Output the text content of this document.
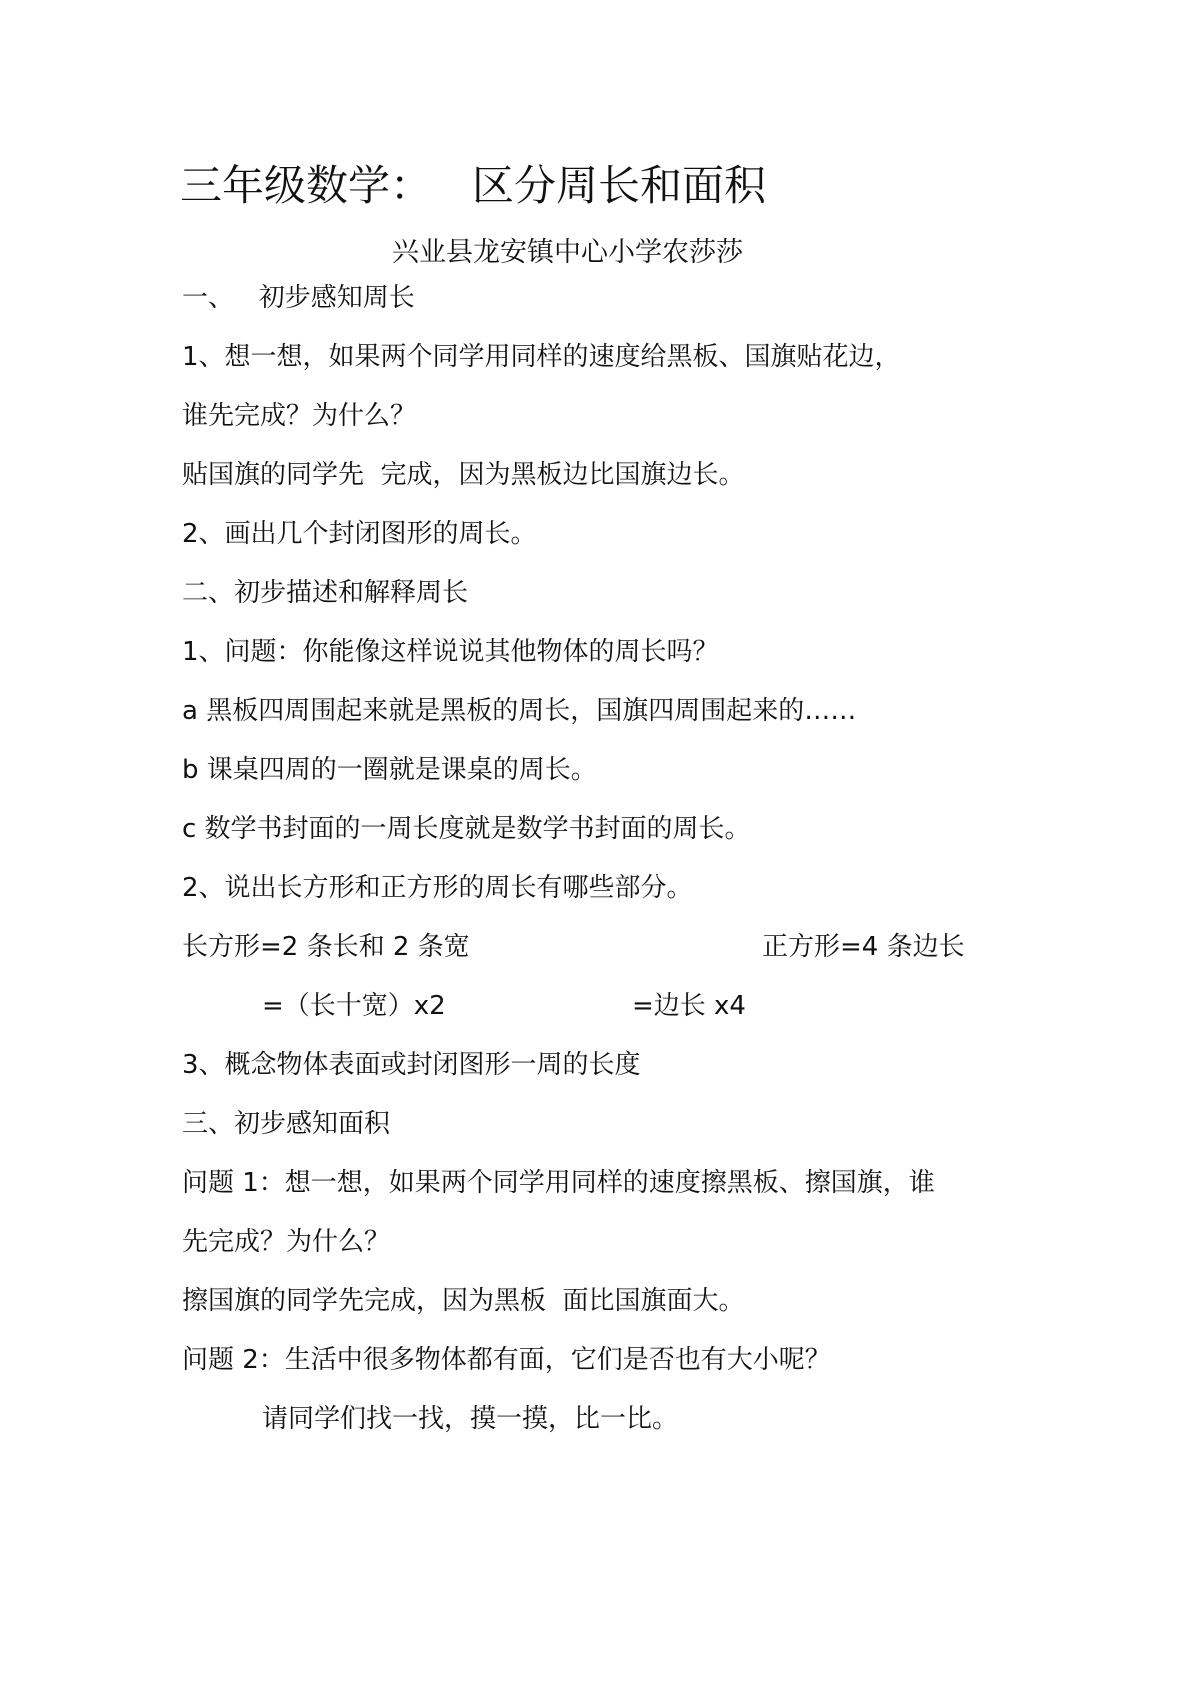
三年级数学：   区分周长和面积
兴业县龙安镇中心小学农莎莎
一、   初步感知周长
1、想一想，如果两个同学用同样的速度给黑板、国旗贴花边，
谁先完成？为什么？
贴国旗的同学先  完成，因为黑板边比国旗边长。
2、画出几个封闭图形的周长。
二、初步描述和解释周长
1、问题：你能像这样说说其他物体的周长吗？
a 黑板四周围起来就是黑板的周长，国旗四周围起来的……
b 课桌四周的一圈就是课桌的周长。
c 数学书封面的一周长度就是数学书封面的周长。
2、说出长方形和正方形的周长有哪些部分。
长方形=2 条长和 2 条宽	正方形=4 条边长
=（长十宽）x2	=边长 x4
3、概念物体表面或封闭图形一周的长度
三、初步感知面积
问题 1：想一想，如果两个同学用同样的速度擦黑板、擦国旗，谁
先完成？为什么？
擦国旗的同学先完成，因为黑板  面比国旗面大。
问题 2：生活中很多物体都有面，它们是否也有大小呢？
请同学们找一找，摸一摸，比一比。
